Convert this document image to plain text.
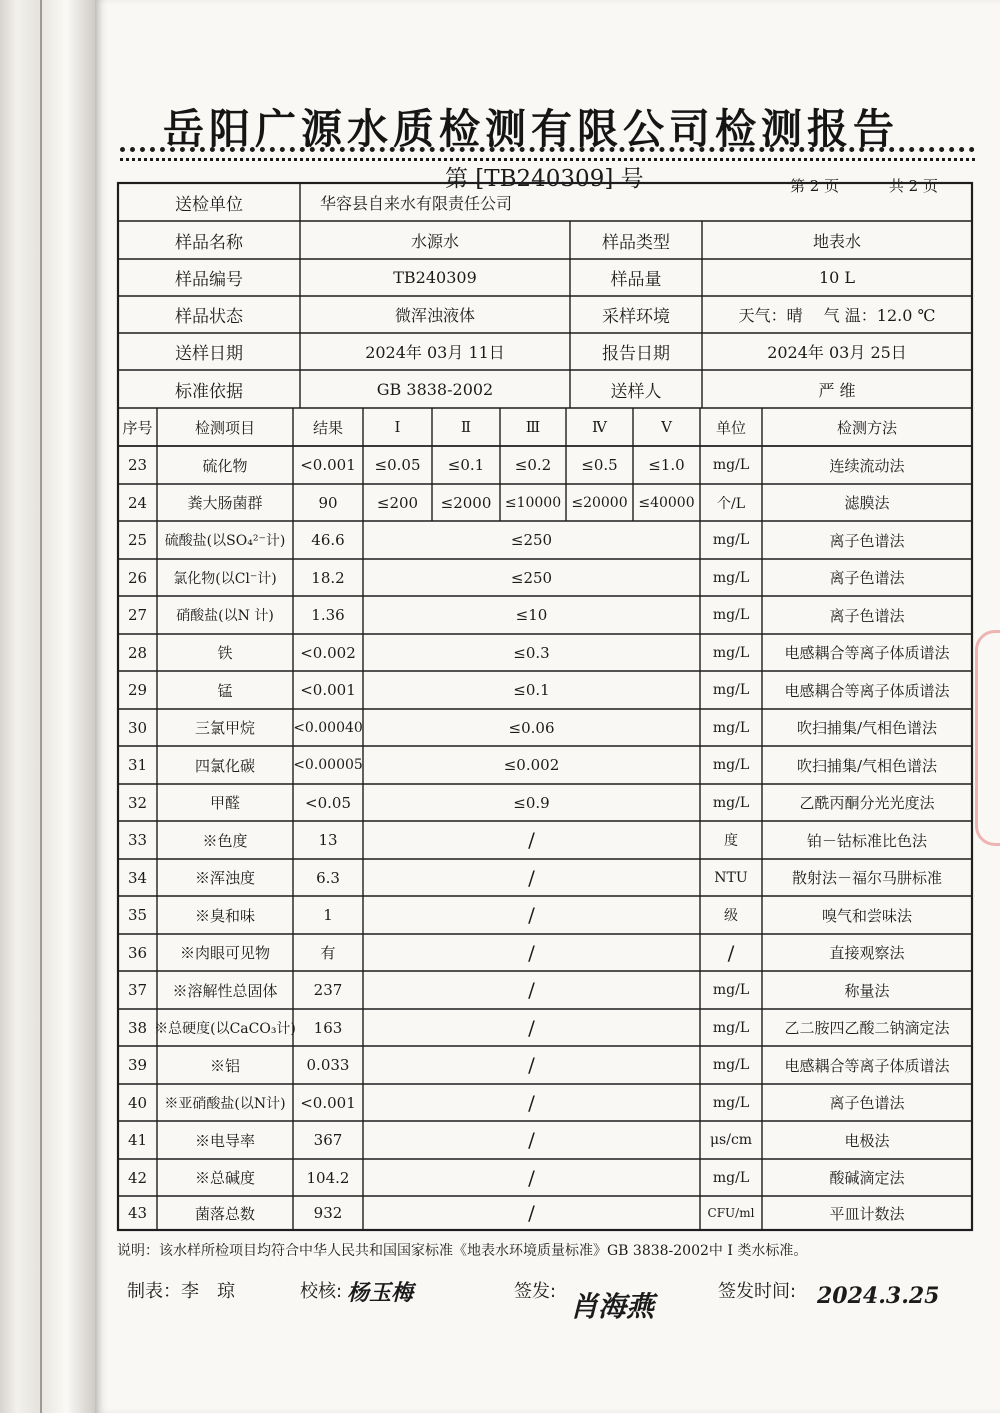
岳阳广源水质检测有限公司检测报告
第 [TB240309] 号	第 2 页	共 2 页
送检单位	华容县自来水有限责任公司
样品名称	水源水	样品类型	地表水
样品编号	TB240309	样品量	10 L
样品状态	微浑浊液体	采样环境	天气：晴　 气 温：12.0 ℃
送样日期	2024年 03月 11日	报告日期	2024年 03月 25日
标准依据	GB 3838-2002	送样人	严 维
序号	检测项目	结果	Ⅰ	Ⅱ	Ⅲ	Ⅳ	Ⅴ	单位	检测方法
23	硫化物	<0.001	≤0.05	≤0.1	≤0.2	≤0.5	≤1.0	mg/L	连续流动法
24	粪大肠菌群	90	≤200	≤2000 ≤10000 ≤20000 ≤40000	个/L	滤膜法
25	硫酸盐(以SO₄²⁻计)	46.6	≤250	mg/L	离子色谱法
26	氯化物(以Cl⁻计)	18.2	≤250	mg/L	离子色谱法
27	硝酸盐(以N 计)	1.36	≤10	mg/L	离子色谱法
28	铁	<0.002	≤0.3	mg/L	电感耦合等离子体质谱法
29	锰	<0.001	≤0.1	mg/L	电感耦合等离子体质谱法
30	三氯甲烷	<0.00040	≤0.06	mg/L	吹扫捕集/气相色谱法
31	四氯化碳	<0.00005	≤0.002	mg/L	吹扫捕集/气相色谱法
32	甲醛	<0.05	≤0.9	mg/L	乙酰丙酮分光光度法
33	※色度	13	/	度	铂－钴标准比色法
34	※浑浊度	6.3	/	NTU	散射法－福尔马肼标准
35	※臭和味	1	/	级	嗅气和尝味法
36	※肉眼可见物	有	/	/	直接观察法
37	※溶解性总固体	237	/	mg/L	称量法
38 ※总硬度(以CaCO₃计)	163	/	mg/L	乙二胺四乙酸二钠滴定法
39	※铝	0.033	/	mg/L	电感耦合等离子体质谱法
40	※亚硝酸盐(以N计) <0.001	/	mg/L	离子色谱法
41	※电导率	367	/	μs/cm	电极法
42	※总碱度	104.2	/	mg/L	酸碱滴定法
43	菌落总数	932	/	CFU/ml	平皿计数法
说明：该水样所检项目均符合中华人民共和国国家标准《地表水环境质量标准》GB 3838-2002中 Ⅰ 类水标准。
制表：李　琼	校核: 杨玉梅	签发: 肖海燕	签发时间: 2024.3.25
